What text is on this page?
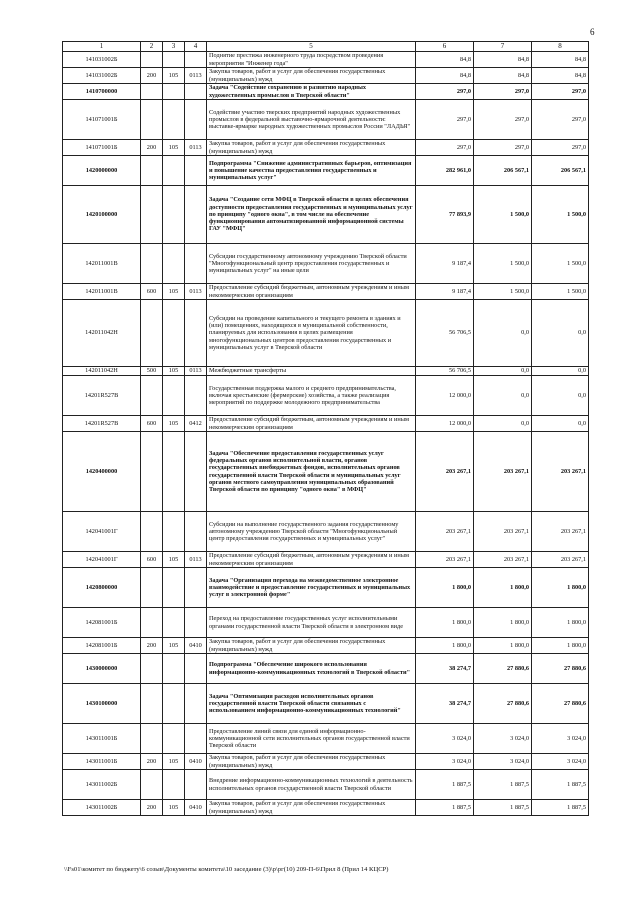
6
1	2	3	4	5	6	7	8
141031002Б				Поднятие престижа инженерного труда посредством проведения мероприятия "Инженер года"	84,8	84,8	84,8
141031002Б	200	105	0113	Закупка товаров, работ и услуг для обеспечения государственных (муниципальных) нужд	84,8	84,8	84,8
1410700000				Задача "Содействие сохранению и развитию народных художественных промыслов в Тверской области"	297,0	297,0	297,0
141071001Б				Содействие участию тверских предприятий народных художественных промыслов в федеральной выставочно-ярмарочной деятельности: выставке-ярмарке народных художественных промыслов России "ЛАДЬЯ"	297,0	297,0	297,0
141071001Б	200	105	0113	Закупка товаров, работ и услуг для обеспечения государственных (муниципальных) нужд	297,0	297,0	297,0
1420000000				Подпрограмма "Снижение административных барьеров, оптимизация и повышение качества предоставления государственных и муниципальных услуг"	282 961,0	206 567,1	206 567,1
1420100000				Задача "Создание сети МФЦ в Тверской области в целях обеспечения доступности предоставления государственных и муниципальных услуг по принципу "одного окна", в том числе на обеспечение функционирования автоматизированной информационной системы ГАУ "МФЦ"	77 893,9	1 500,0	1 500,0
142011001В				Субсидии государственному автономному учреждению Тверской области "Многофункциональный центр предоставления государственных и муниципальных услуг" на иные цели	9 187,4	1 500,0	1 500,0
142011001В	600	105	0113	Предоставление субсидий бюджетным, автономным учреждениям и иным некоммерческим организациям	9 187,4	1 500,0	1 500,0
142011042Н				Субсидии на проведение капитального и текущего ремонта в зданиях и (или) помещениях, находящихся в муниципальной собственности, планируемых для использования в целях размещения многофункциональных центров предоставления государственных и муниципальных услуг в Тверской области	56 706,5	0,0	0,0
142011042Н	500	105	0113	Межбюджетные трансферты	56 706,5	0,0	0,0
14201R527В				Государственная поддержка малого и среднего предпринимательства, включая крестьянские (фермерские) хозяйства, а также реализация мероприятий по поддержке молодежного предпринимательства	12 000,0	0,0	0,0
14201R527В	600	105	0412	Предоставление субсидий бюджетным, автономным учреждениям и иным некоммерческим организациям	12 000,0	0,0	0,0
1420400000				Задача "Обеспечение предоставления государственных услуг федеральных органов исполнительной власти, органов государственных внебюджетных фондов, исполнительных органов государственной власти Тверской области и муниципальных услуг органов местного самоуправления муниципальных образований Тверской области по принципу "одного окна" в МФЦ"	203 267,1	203 267,1	203 267,1
142041001Г				Субсидии на выполнение государственного задания государственному автономному учреждению Тверской области "Многофункциональный центр предоставления государственных и муниципальных услуг"	203 267,1	203 267,1	203 267,1
142041001Г	600	105	0113	Предоставление субсидий бюджетным, автономным учреждениям и иным некоммерческим организациям	203 267,1	203 267,1	203 267,1
1420800000				Задача "Организация перехода на межведомственное электронное взаимодействие и предоставление государственных и муниципальных услуг в электронной форме"	1 800,0	1 800,0	1 800,0
142081001Б				Переход на предоставление государственных услуг исполнительными органами государственной власти Тверской области в электронном виде	1 800,0	1 800,0	1 800,0
142081001Б	200	105	0410	Закупка товаров, работ и услуг для обеспечения государственных (муниципальных) нужд	1 800,0	1 800,0	1 800,0
1430000000				Подпрограмма "Обеспечение широкого использования информационно-коммуникационных технологий в Тверской области"	38 274,7	27 880,6	27 880,6
1430100000				Задача "Оптимизация расходов исполнительных органов государственной власти Тверской области связанных с использованием информационно-коммуникационных технологий"	38 274,7	27 880,6	27 880,6
143011001Б				Предоставление линий связи для единой информационно-коммуникационной сети исполнительных органов государственной власти Тверской области	3 024,0	3 024,0	3 024,0
143011001Б	200	105	0410	Закупка товаров, работ и услуг для обеспечения государственных (муниципальных) нужд	3 024,0	3 024,0	3 024,0
143011002Б				Внедрение информационно-коммуникационных технологий в деятельность исполнительных органов государственной власти Тверской области	1 887,5	1 887,5	1 887,5
143011002Б	200	105	0410	Закупка товаров, работ и услуг для обеспечения государственных (муниципальных) нужд	1 887,5	1 887,5	1 887,5
\\Fs01\комитет по бюджету\6 созыв\Документы комитета\10 заседание (3)\р\рг(10) 209-П-6\Прил 8 (Прил 14 КЦСР)
